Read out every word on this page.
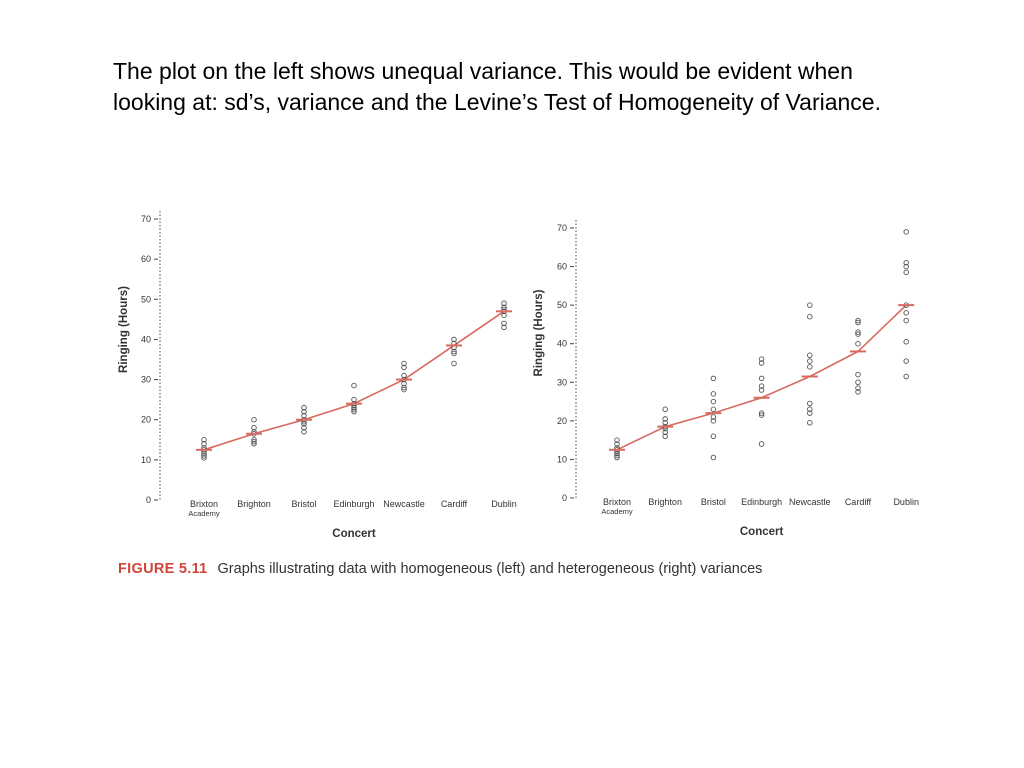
The plot on the left shows unequal variance. This would be evident when

looking at: sd’s, variance and the Levine’s Test of Homogeneity of Variance.

0
10
20
30
40
50
60
70
Ringing (Hours)
Brixton
Academy
Brighton Bristol Edinburgh Newcastle Cardiff	Dublin
Concert
0
10
20
30
40
50
60
70
Ringing (Hours)
Brixton
Academy
Brighton Bristol Edinburgh Newcastle Cardiff Dublin
Concert
FIGURE 5.11 Graphs illustrating data with homogeneous (left) and heterogeneous (right) variances
